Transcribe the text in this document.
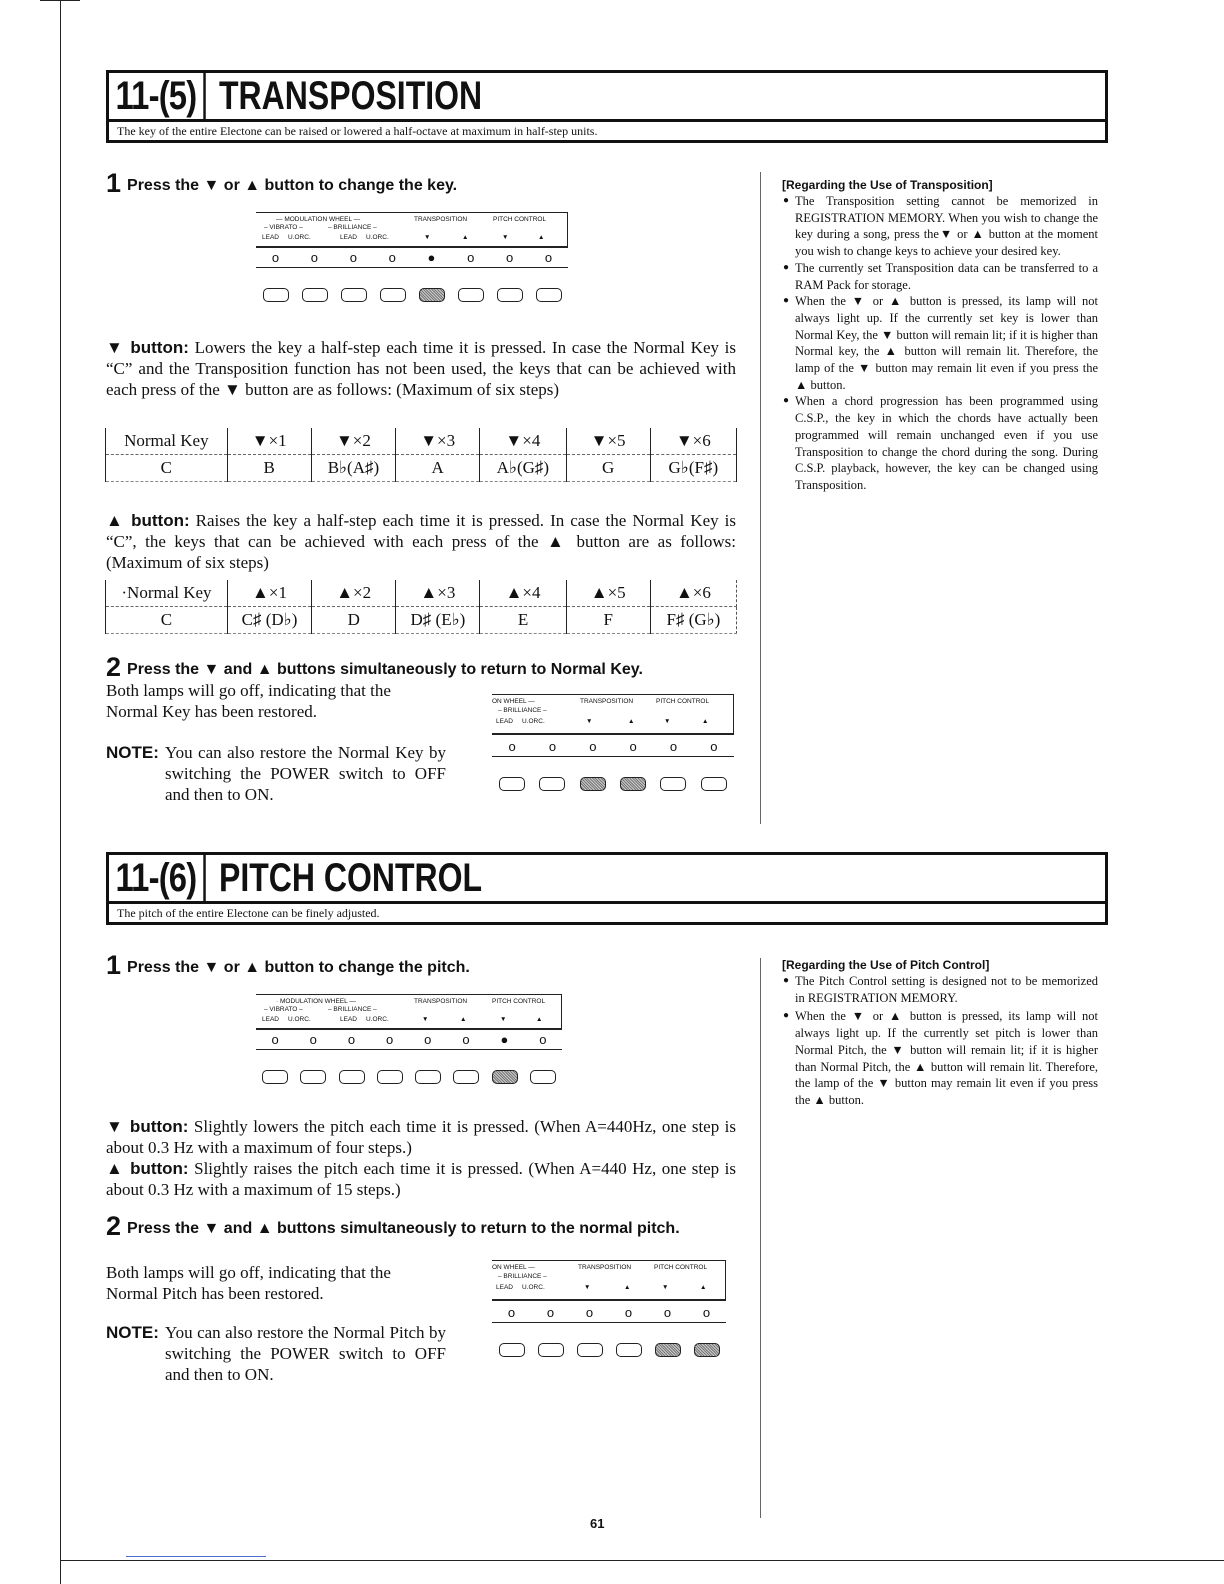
11-(5) TRANSPOSITION
The key of the entire Electone can be raised or lowered a half-octave at maximum in half-step units.
1 Press the ▼ or ▲ button to change the key.
— MODULATION WHEEL —
– VIBRATO –	– BRILLIANCE –
TRANSPOSITION	PITCH CONTROL
LEAD U.ORC.	LEAD U.ORC.	▼	▲	▼	▲
o o o o ● o o o
▼ button: Lowers the key a half-step each time it is pressed. In case the Normal Key is “C” and the Transposition function has not been used, the keys that can be achieved with each press of the ▼ button are as follows: (Maximum of six steps)
Normal Key	▼×1	▼×2	▼×3	▼×4	▼×5	▼×6
C	B	B♭(A♯)	A	A♭(G♯)	G	G♭(F♯)
▲ button: Raises the key a half-step each time it is pressed. In case the Normal Key is “C”, the keys that can be achieved with each press of the ▲ button are as follows: (Maximum of six steps)
·Normal Key	▲×1	▲×2	▲×3	▲×4	▲×5	▲×6
C	C♯ (D♭)	D	D♯ (E♭)	E	F	F♯ (G♭)
2 Press the ▼ and ▲ buttons simultaneously to return to Normal Key.
Both lamps will go off, indicating that the Normal Key has been restored.
NOTE: You can also restore the Normal Key by switching the POWER switch to OFF and then to ON.
ON WHEEL —
– BRILLIANCE –
TRANSPOSITION	PITCH CONTROL
LEAD U.ORC.	▼	▲	▼	▲
o	o	o	o	o	o
[Regarding the Use of Transposition]
● The Transposition setting cannot be memorized in REGISTRATION MEMORY. When you wish to change the key during a song, press the▼ or ▲ button at the moment you wish to change keys to achieve your desired key.
● The currently set Transposition data can be transferred to a RAM Pack for storage.
● When the ▼ or ▲ button is pressed, its lamp will not always light up. If the currently set key is lower than Normal Key, the ▼ button will remain lit; if it is higher than Normal key, the ▲ button will remain lit. Therefore, the lamp of the ▼ button may remain lit even if you press the ▲ button.
● When a chord progression has been programmed using C.S.P., the key in which the chords have actually been programmed will remain unchanged even if you use Transposition to change the chord during the song. During C.S.P. playback, however, the key can be changed using Transposition.
11-(6) PITCH CONTROL
The pitch of the entire Electone can be finely adjusted.
1 Press the ▼ or ▲ button to change the pitch.
· MODULATION WHEEL —
– VIBRATO –	– BRILLIANCE –
TRANSPOSITION	PITCH CONTROL
LEAD U.ORC.	LEAD U.ORC.	▼	▲	▼	▲
o o o o o o ● o
▼ button: Slightly lowers the pitch each time it is pressed. (When A=440Hz, one step is about 0.3 Hz with a maximum of four steps.)
▲ button: Slightly raises the pitch each time it is pressed. (When A=440 Hz, one step is about 0.3 Hz with a maximum of 15 steps.)
2 Press the ▼ and ▲ buttons simultaneously to return to the normal pitch.
Both lamps will go off, indicating that the Normal Pitch has been restored.
NOTE: You can also restore the Normal Pitch by switching the POWER switch to OFF and then to ON.
ON WHEEL —
– BRILLIANCE –
TRANSPOSITION	PITCH CONTROL
LEAD U.ORC.	▼	▲	▼	▲
o o o o o o
[Regarding the Use of Pitch Control]
● The Pitch Control setting is designed not to be memorized in REGISTRATION MEMORY.
● When the ▼ or ▲ button is pressed, its lamp will not always light up. If the currently set pitch is lower than Normal Pitch, the ▼ button will remain lit; if it is higher than Normal Pitch, the ▲ button will remain lit. Therefore, the lamp of the ▼ button may remain lit even if you press the ▲ button.
61
